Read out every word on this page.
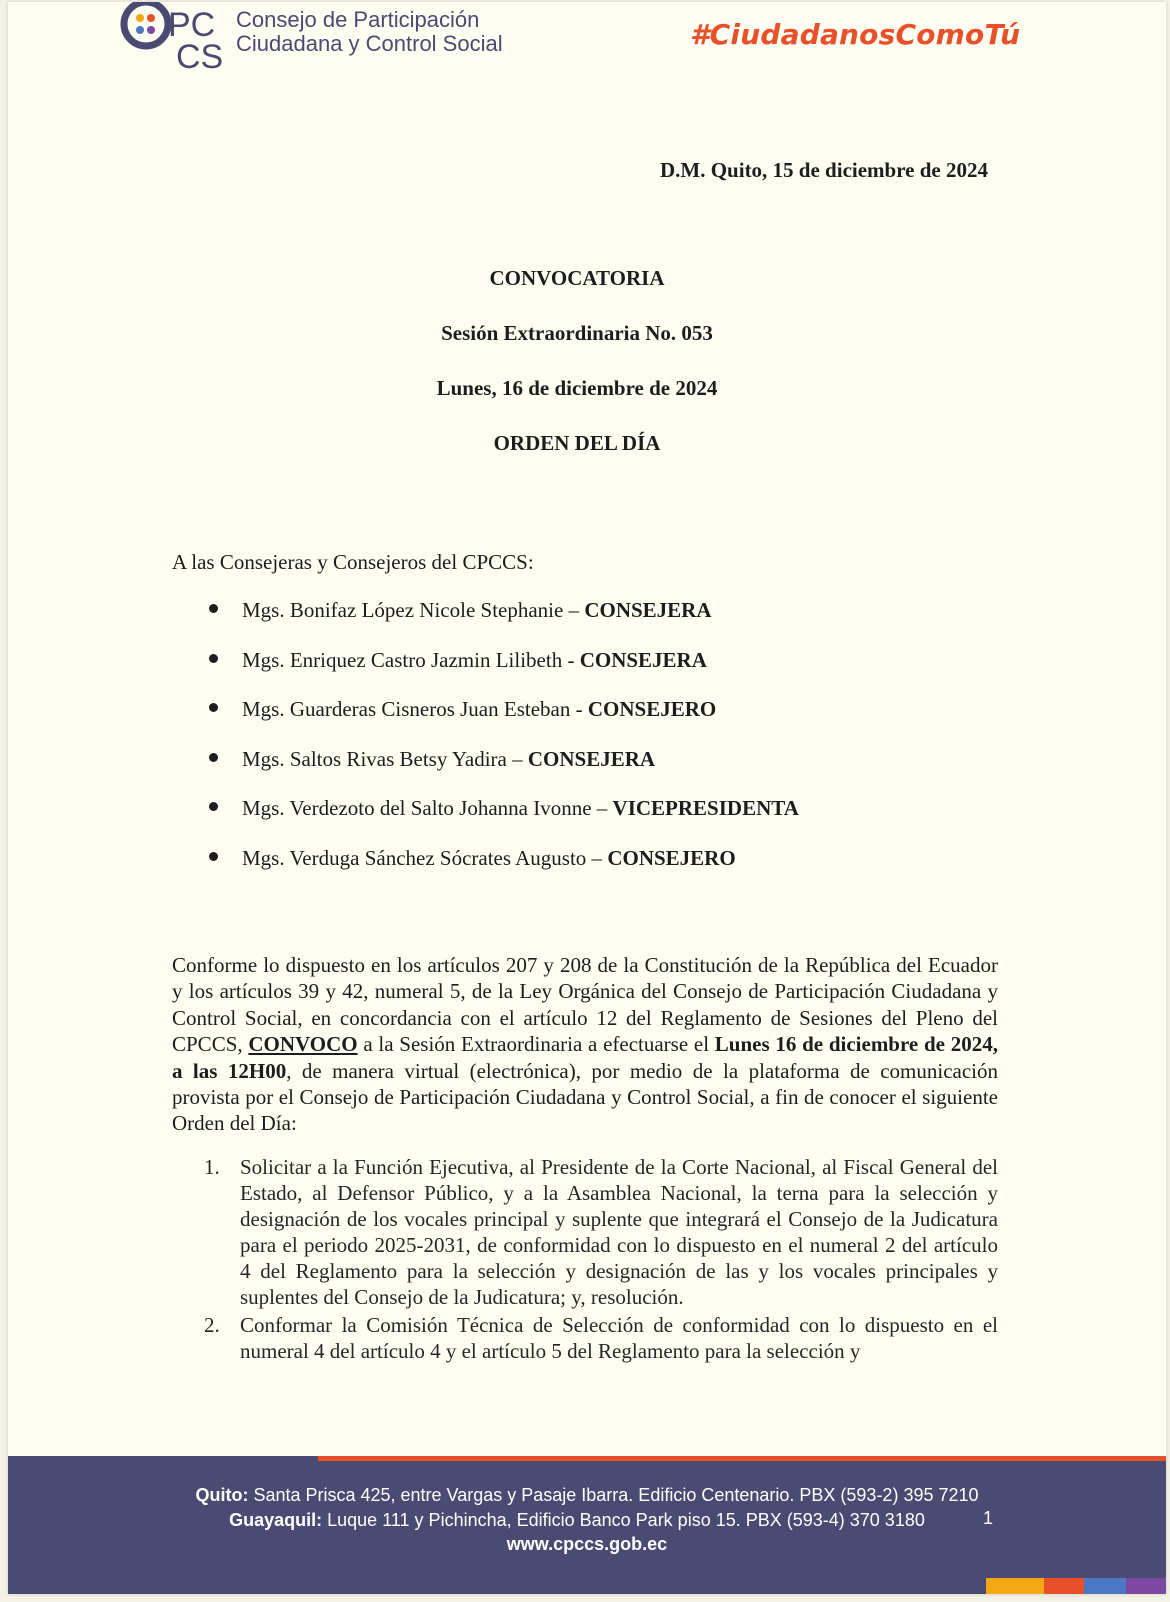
PC
CS
Consejo de Participación
Ciudadana y Control Social	#CiudadanosComoTú
D.M. Quito, 15 de diciembre de 2024
CONVOCATORIA
Sesión Extraordinaria No. 053
Lunes, 16 de diciembre de 2024
ORDEN DEL DÍA
A las Consejeras y Consejeros del CPCCS:
Mgs. Bonifaz López Nicole Stephanie – CONSEJERA
Mgs. Enriquez Castro Jazmin Lilibeth - CONSEJERA
Mgs. Guarderas Cisneros Juan Esteban - CONSEJERO
Mgs. Saltos Rivas Betsy Yadira – CONSEJERA
Mgs. Verdezoto del Salto Johanna Ivonne – VICEPRESIDENTA
Mgs. Verduga Sánchez Sócrates Augusto – CONSEJERO
Conforme lo dispuesto en los artículos 207 y 208 de la Constitución de la República del Ecuador y los artículos 39 y 42, numeral 5, de la Ley Orgánica del Consejo de Participación Ciudadana y Control Social, en concordancia con el artículo 12 del Reglamento de Sesiones del Pleno del CPCCS, CONVOCO a la Sesión Extraordinaria a efectuarse el Lunes 16 de diciembre de 2024, a las 12H00, de manera virtual (electrónica), por medio de la plataforma de comunicación provista por el Consejo de Participación Ciudadana y Control Social, a fin de conocer el siguiente Orden del Día:
1. Solicitar a la Función Ejecutiva, al Presidente de la Corte Nacional, al Fiscal General del Estado, al Defensor Público, y a la Asamblea Nacional, la terna para la selección y designación de los vocales principal y suplente que integrará el Consejo de la Judicatura para el periodo 2025-2031, de conformidad con lo dispuesto en el numeral 2 del artículo 4 del Reglamento para la selección y designación de las y los vocales principales y suplentes del Consejo de la Judicatura; y, resolución.
2. Conformar la Comisión Técnica de Selección de conformidad con lo dispuesto en el numeral 4 del artículo 4 y el artículo 5 del Reglamento para la selección y
Quito: Santa Prisca 425, entre Vargas y Pasaje Ibarra. Edificio Centenario. PBX (593-2) 395 7210
Guayaquil: Luque 111 y Pichincha, Edificio Banco Park piso 15. PBX (593-4) 370 3180
www.cpccs.gob.ec
1
